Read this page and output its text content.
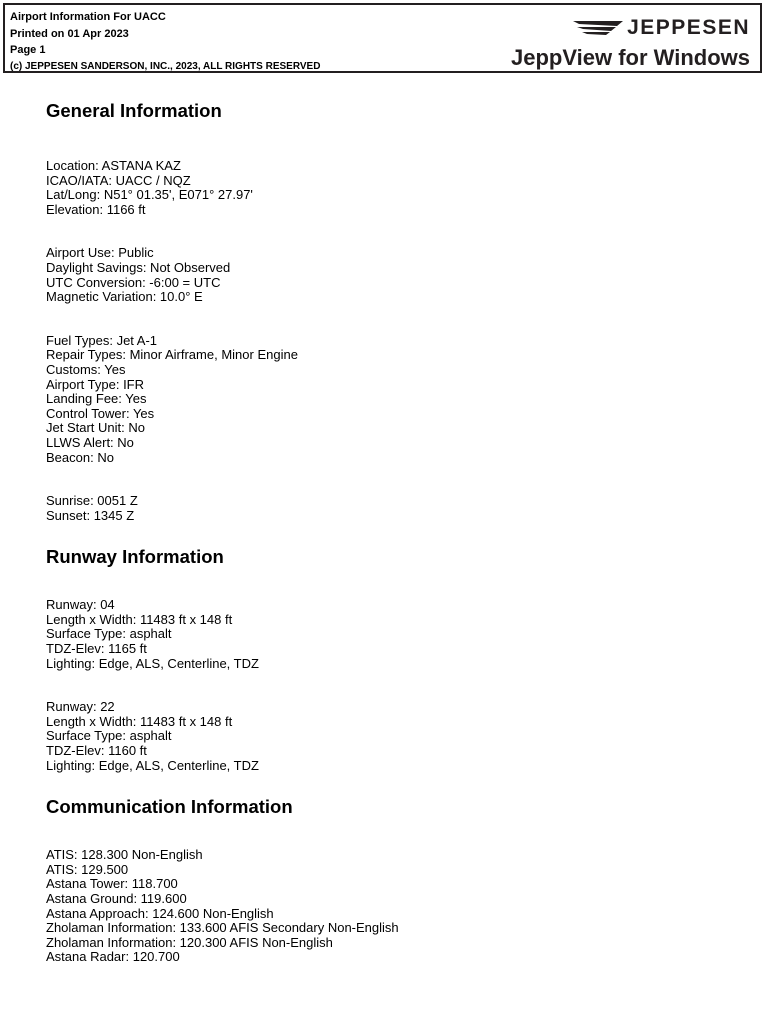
Airport Information For UACC
Printed on 01 Apr 2023
Page 1
(c) JEPPESEN SANDERSON, INC., 2023, ALL RIGHTS RESERVED
JEPPESEN
JeppView for Windows
General Information

Location: ASTANA KAZ
ICAO/IATA: UACC / NQZ
Lat/Long: N51° 01.35', E071° 27.97'
Elevation: 1166 ft

Airport Use: Public
Daylight Savings: Not Observed
UTC Conversion: -6:00 = UTC
Magnetic Variation: 10.0° E

Fuel Types: Jet A-1
Repair Types: Minor Airframe, Minor Engine
Customs: Yes
Airport Type: IFR
Landing Fee: Yes
Control Tower: Yes
Jet Start Unit: No
LLWS Alert: No
Beacon: No

Sunrise: 0051 Z
Sunset: 1345 Z

Runway Information

Runway: 04
Length x Width: 11483 ft x 148 ft
Surface Type: asphalt
TDZ-Elev: 1165 ft
Lighting: Edge, ALS, Centerline, TDZ

Runway: 22
Length x Width: 11483 ft x 148 ft
Surface Type: asphalt
TDZ-Elev: 1160 ft
Lighting: Edge, ALS, Centerline, TDZ

Communication Information

ATIS: 128.300 Non-English
ATIS: 129.500
Astana Tower: 118.700
Astana Ground: 119.600
Astana Approach: 124.600 Non-English
Zholaman Information: 133.600 AFIS Secondary Non-English
Zholaman Information: 120.300 AFIS Non-English
Astana Radar: 120.700
